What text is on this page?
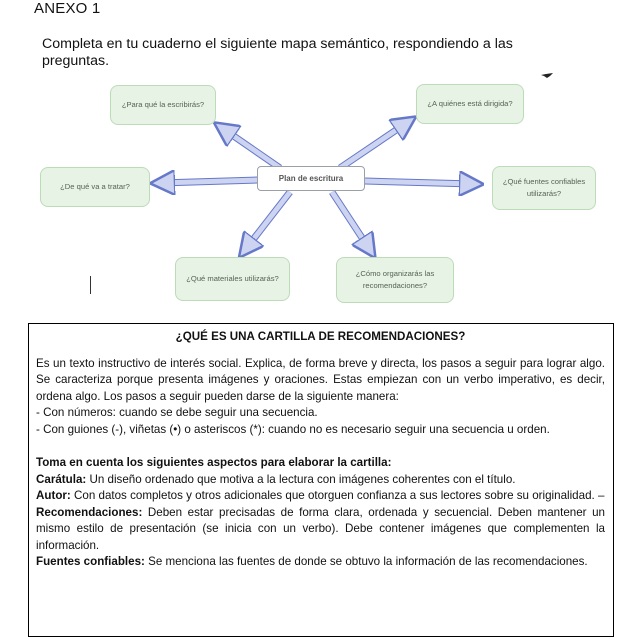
ANEXO 1
Completa en tu cuaderno el siguiente mapa semántico, respondiendo a las preguntas.
¿Para qué la escribirás?	¿A quiénes está dirigida?
¿De qué va a tratar?
¿Qué fuentes confiables utilizarás?
¿Qué materiales utilizarás?
¿Cómo organizarás las recomendaciones?
Plan de escritura
¿QUÉ ES UNA CARTILLA DE RECOMENDACIONES?

Es un texto instructivo de interés social. Explica, de forma breve y directa, los pasos a seguir para lograr algo. Se caracteriza porque presenta imágenes y oraciones. Estas empiezan con un verbo imperativo, es decir, ordena algo. Los pasos a seguir pueden darse de la siguiente manera:

- Con números: cuando se debe seguir una secuencia.

- Con guiones (-), viñetas (•) o asteriscos (*): cuando no es necesario seguir una secuencia u orden.

Toma en cuenta los siguientes aspectos para elaborar la cartilla:

Carátula: Un diseño ordenado que motiva a la lectura con imágenes coherentes con el título.

Autor: Con datos completos y otros adicionales que otorguen confianza a sus lectores sobre su originalidad. –

Recomendaciones: Deben estar precisadas de forma clara, ordenada y secuencial. Deben mantener un mismo estilo de presentación (se inicia con un verbo). Debe contener imágenes que complementen la información.

Fuentes confiables: Se menciona las fuentes de donde se obtuvo la información de las recomendaciones.
